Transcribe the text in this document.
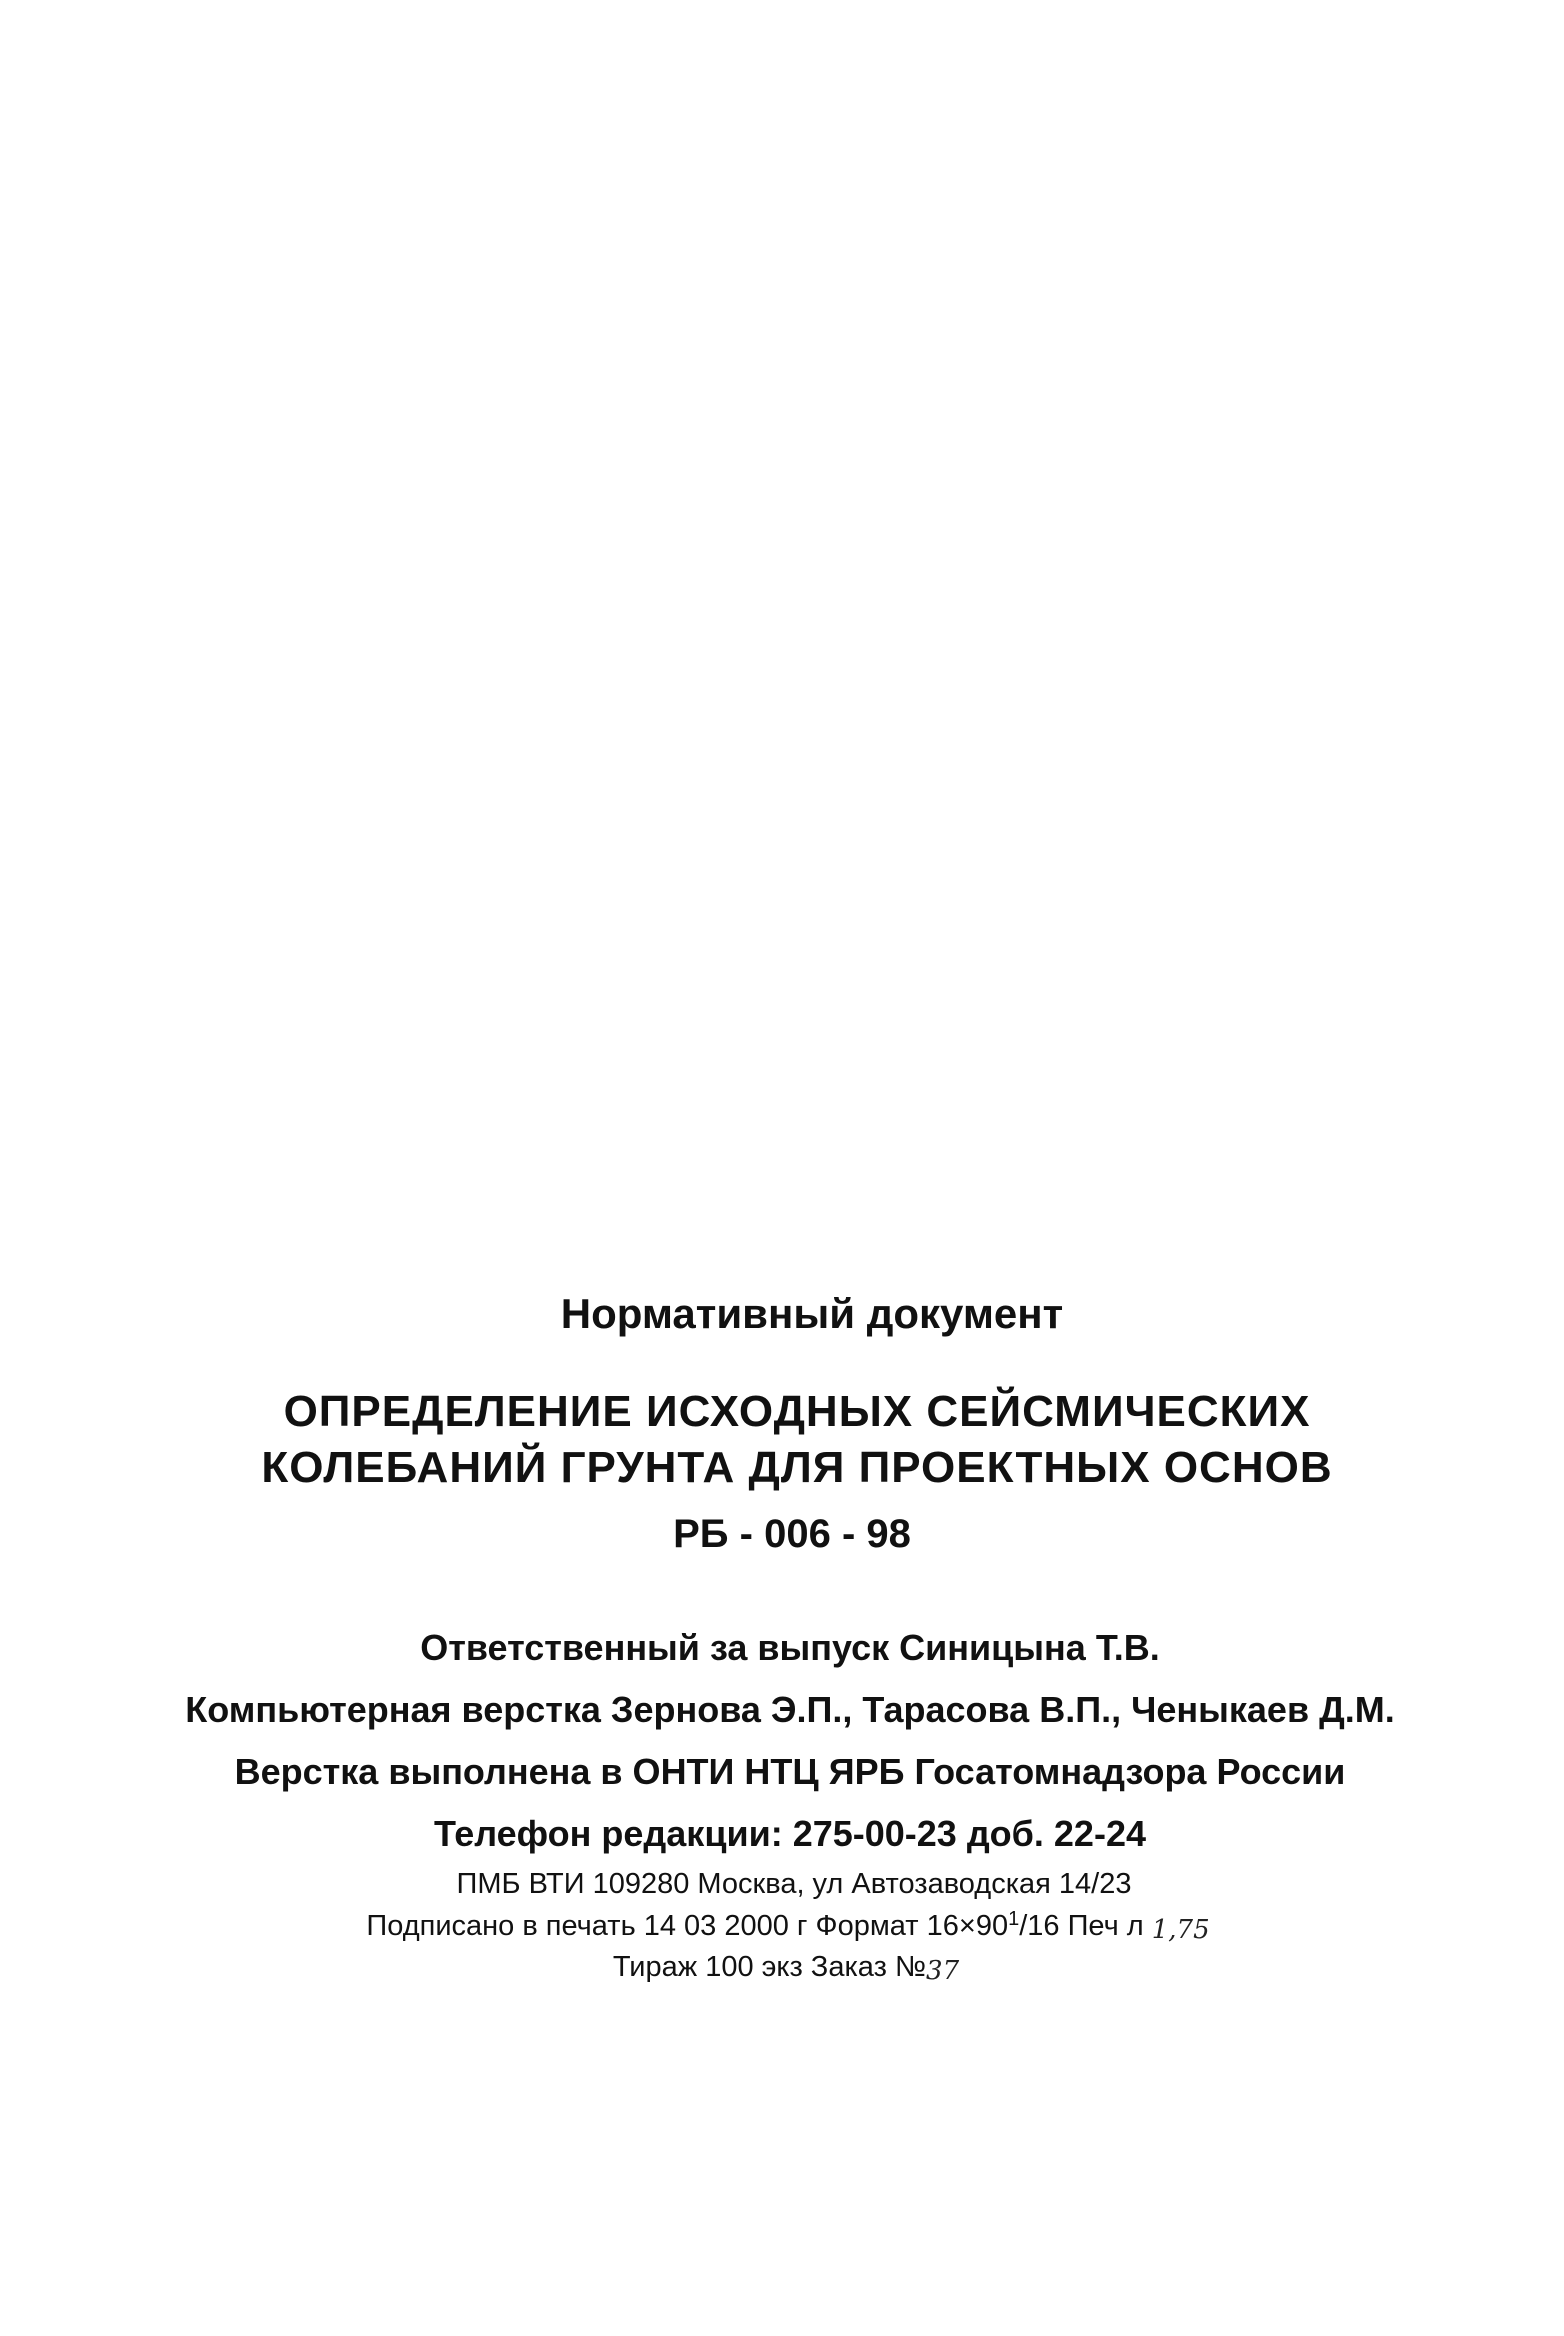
Нормативный документ

ОПРЕДЕЛЕНИЕ ИСХОДНЫХ СЕЙСМИЧЕСКИХ

КОЛЕБАНИЙ ГРУНТА ДЛЯ ПРОЕКТНЫХ ОСНОВ

РБ - 006 - 98

Ответственный за выпуск Синицына Т.В.

Компьютерная верстка Зернова Э.П., Тарасова В.П., Ченыкаев Д.М.

Верстка выполнена в ОНТИ НТЦ ЯРБ Госатомнадзора России

Телефон редакции: 275-00-23 доб. 22-24

ПМБ ВТИ 109280 Москва, ул Автозаводская 14/23

Подписано в печать 14 03 2000 г Формат $16\times 90^1/16$ Печ л 1,75

Тираж 100 экз Заказ №37
